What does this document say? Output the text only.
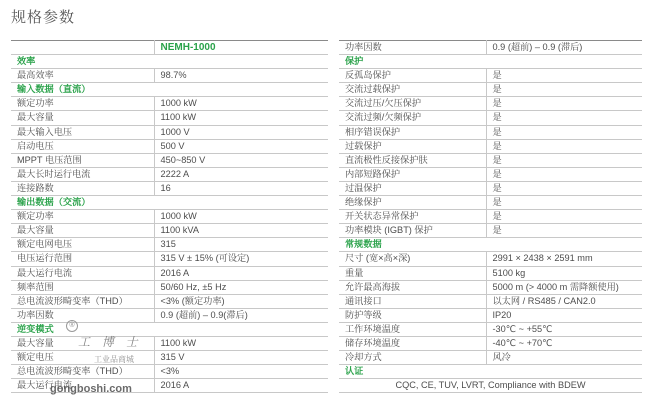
规格参数
	NEMH-1000
效率	
最高效率	98.7%
输入数据（直流）	
额定功率	1000 kW
最大容量	1100 kW
最大输入电压	1000 V
启动电压	500 V
MPPT 电压范围	450~850 V
最大长时运行电流	2222 A
连接路数	16
输出数据（交流）	
额定功率	1000 kW
最大容量	1100 kVA
额定电网电压	315
电压运行范围	315 V ± 15% (可设定)
最大运行电流	2016 A
频率范围	50/60 Hz, ±5 Hz
总电流波形畸变率（THD）	<3% (额定功率)
功率因数	0.9 (超前) – 0.9(滞后)
逆变模式	
最大容量	1100 kW
额定电压	315 V
总电流波形畸变率（THD）	<3%
最大运行电流	2016 A
功率因数	0.9 (超前) – 0.9 (滞后)
保护	
反孤岛保护	是
交流过载保护	是
交流过压/欠压保护	是
交流过频/欠频保护	是
相序错误保护	是
过载保护	是
直流极性反接保护肤	是
内部短路保护	是
过温保护	是
绝缘保护	是
开关状态异常保护	是
功率模块 (IGBT) 保护	是
常规数据	
尺寸 (宽×高×深)	2991 × 2438 × 2591 mm
重量	5100 kg
允许最高海拔	5000 m (> 4000 m 需降额使用)
通讯接口	以太网 / RS485 / CAN2.0
防护等级	IP20
工作环境温度	-30℃ ~ +55℃
储存环境温度	-40℃ ~ +70℃
冷却方式	风冷
认证	
CQC, CE, TUV, LVRT, Compliance with BDEW	
®
工 博 士
工业品商城
gongboshi.com
